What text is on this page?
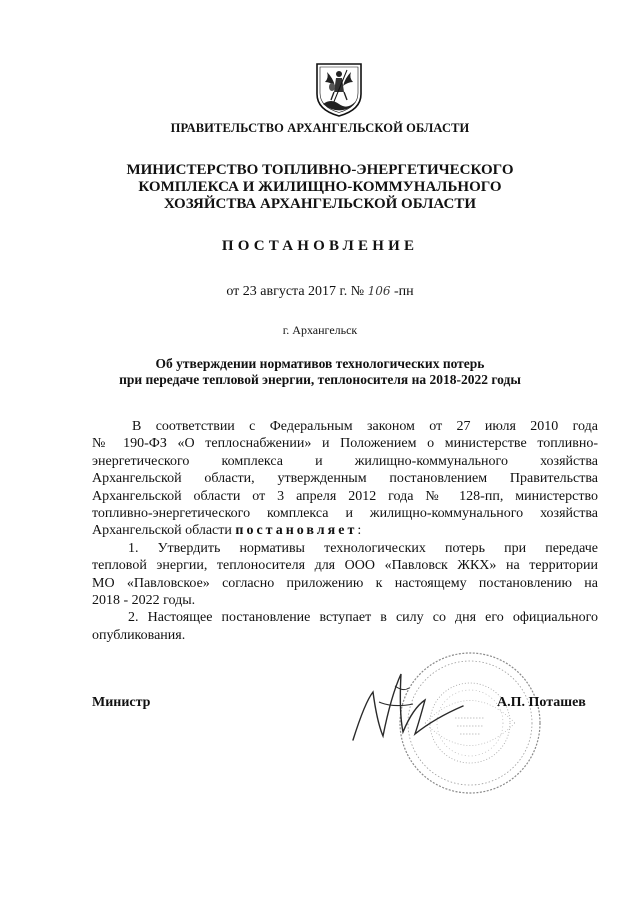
ПРАВИТЕЛЬСТВО АРХАНГЕЛЬСКОЙ ОБЛАСТИ
МИНИСТЕРСТВО ТОПЛИВНО-ЭНЕРГЕТИЧЕСКОГО
КОМПЛЕКСА И ЖИЛИЩНО-КОММУНАЛЬНОГО
ХОЗЯЙСТВА АРХАНГЕЛЬСКОЙ ОБЛАСТИ
ПОСТАНОВЛЕНИЕ
от 23 августа 2017 г. № 106 -пн
г. Архангельск
Об утверждении нормативов технологических потерь
при передаче тепловой энергии, теплоносителя на 2018-2022 годы

В соответствии с Федеральным законом от 27 июля 2010 года
№ 190-ФЗ «О теплоснабжении» и Положением о министерстве топливно-
энергетического комплекса и жилищно-коммунального хозяйства
Архангельской области, утвержденным постановлением Правительства
Архангельской области от 3 апреля 2012 года № 128-пп, министерство
топливно-энергетического комплекса и жилищно-коммунального хозяйства
Архангельской области постановляет:

1. Утвердить нормативы технологических потерь при передаче
тепловой энергии, теплоносителя для ООО «Павловск ЖКХ» на территории
МО «Павловское» согласно приложению к настоящему постановлению на
2018 - 2022 годы.

2. Настоящее постановление вступает в силу со дня его официального
опубликования.

Министр	А.П. Поташев
